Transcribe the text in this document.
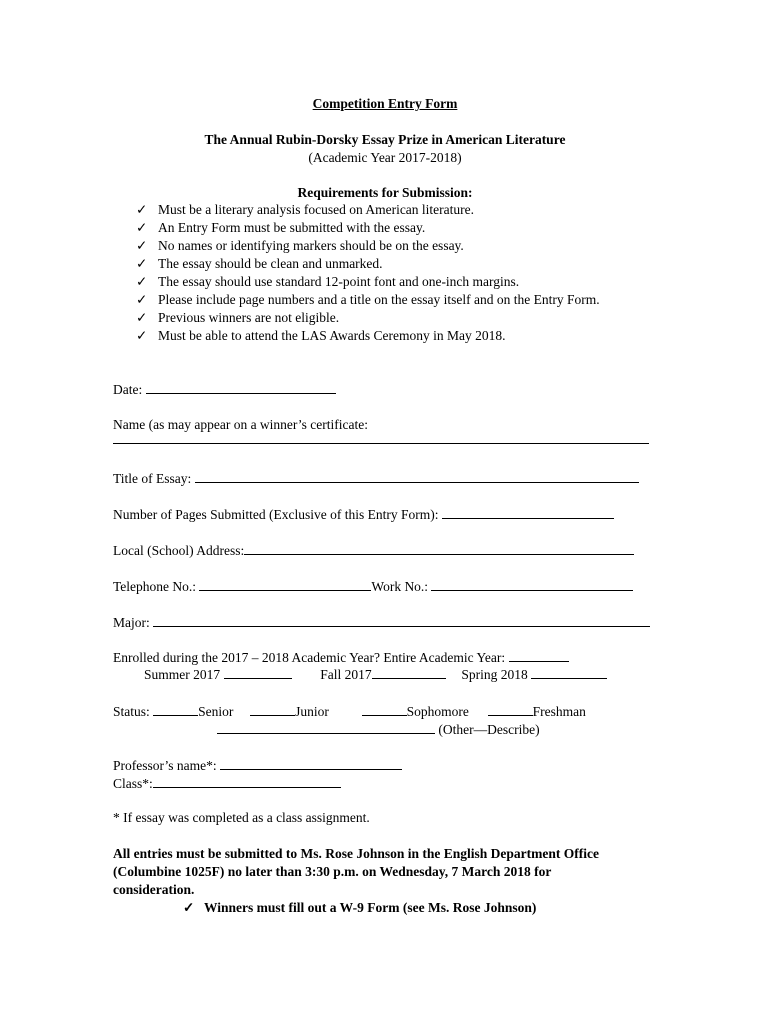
Competition Entry Form
The Annual Rubin-Dorsky Essay Prize in American Literature
(Academic Year 2017-2018)
Requirements for Submission:
✓ Must be a literary analysis focused on American literature.
✓ An Entry Form must be submitted with the essay.
✓ No names or identifying markers should be on the essay.
✓ The essay should be clean and unmarked.
✓ The essay should use standard 12-point font and one-inch margins.
✓ Please include page numbers and a title on the essay itself and on the Entry Form.
✓ Previous winners are not eligible.
✓ Must be able to attend the LAS Awards Ceremony in May 2018.
Date:
Name (as may appear on a winner’s certificate:
Title of Essay:
Number of Pages Submitted (Exclusive of this Entry Form):
Local (School) Address:
Telephone No.:	Work No.:
Major:
Enrolled during the 2017 – 2018 Academic Year? Entire Academic Year:
Summer 2017	Fall 2017	Spring 2018
Status:	Senior	Junior	Sophomore	Freshman
(Other—Describe)
Professor’s name*:
Class*:
* If essay was completed as a class assignment.
All entries must be submitted to Ms. Rose Johnson in the English Department Office
(Columbine 1025F) no later than 3:30 p.m. on Wednesday, 7 March 2018 for
consideration.
✓ Winners must fill out a W-9 Form (see Ms. Rose Johnson)
